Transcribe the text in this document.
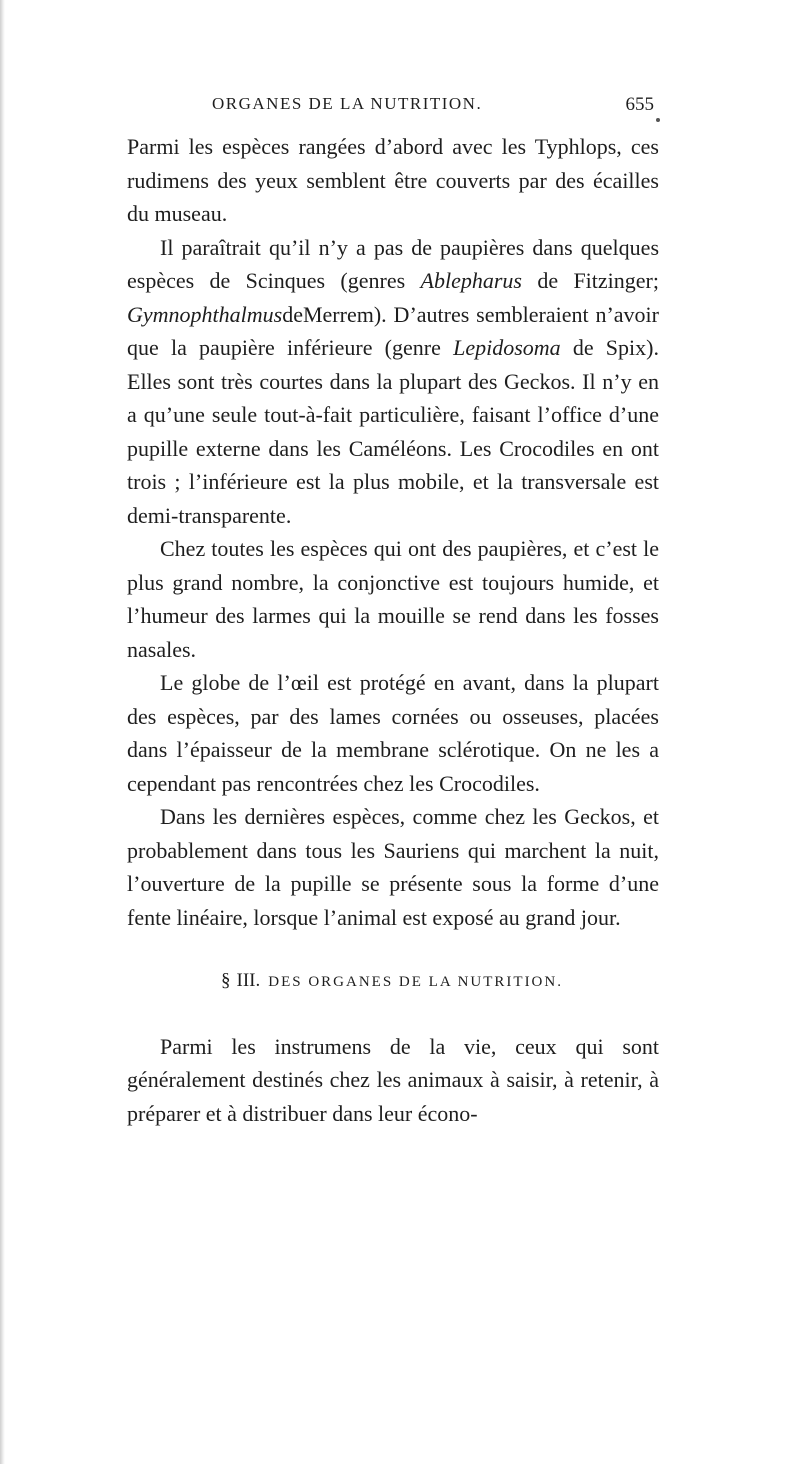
ORGANES DE LA NUTRITION.	655

Parmi les espèces rangées d’abord avec les Typhlops, ces rudimens des yeux semblent être couverts par des écailles du museau.

Il paraîtrait qu’il n’y a pas de paupières dans quelques espèces de Scinques (genres Ablepharus de Fitzinger; GymnophthalmusdeMerrem). D’autres sembleraient n’avoir que la paupière inférieure (genre Lepidosoma de Spix). Elles sont très courtes dans la plupart des Geckos. Il n’y en a qu’une seule tout-à-fait particulière, faisant l’office d’une pupille externe dans les Caméléons. Les Crocodiles en ont trois ; l’inférieure est la plus mobile, et la transversale est demi-transparente.

Chez toutes les espèces qui ont des paupières, et c’est le plus grand nombre, la conjonctive est toujours humide, et l’humeur des larmes qui la mouille se rend dans les fosses nasales.

Le globe de l’œil est protégé en avant, dans la plupart des espèces, par des lames cornées ou osseuses, placées dans l’épaisseur de la membrane sclérotique. On ne les a cependant pas rencontrées chez les Crocodiles.

Dans les dernières espèces, comme chez les Geckos, et probablement dans tous les Sauriens qui marchent la nuit, l’ouverture de la pupille se présente sous la forme d’une fente linéaire, lorsque l’animal est exposé au grand jour.

§ III. DES ORGANES DE LA NUTRITION.

Parmi les instrumens de la vie, ceux qui sont généralement destinés chez les animaux à saisir, à retenir, à préparer et à distribuer dans leur écono-
